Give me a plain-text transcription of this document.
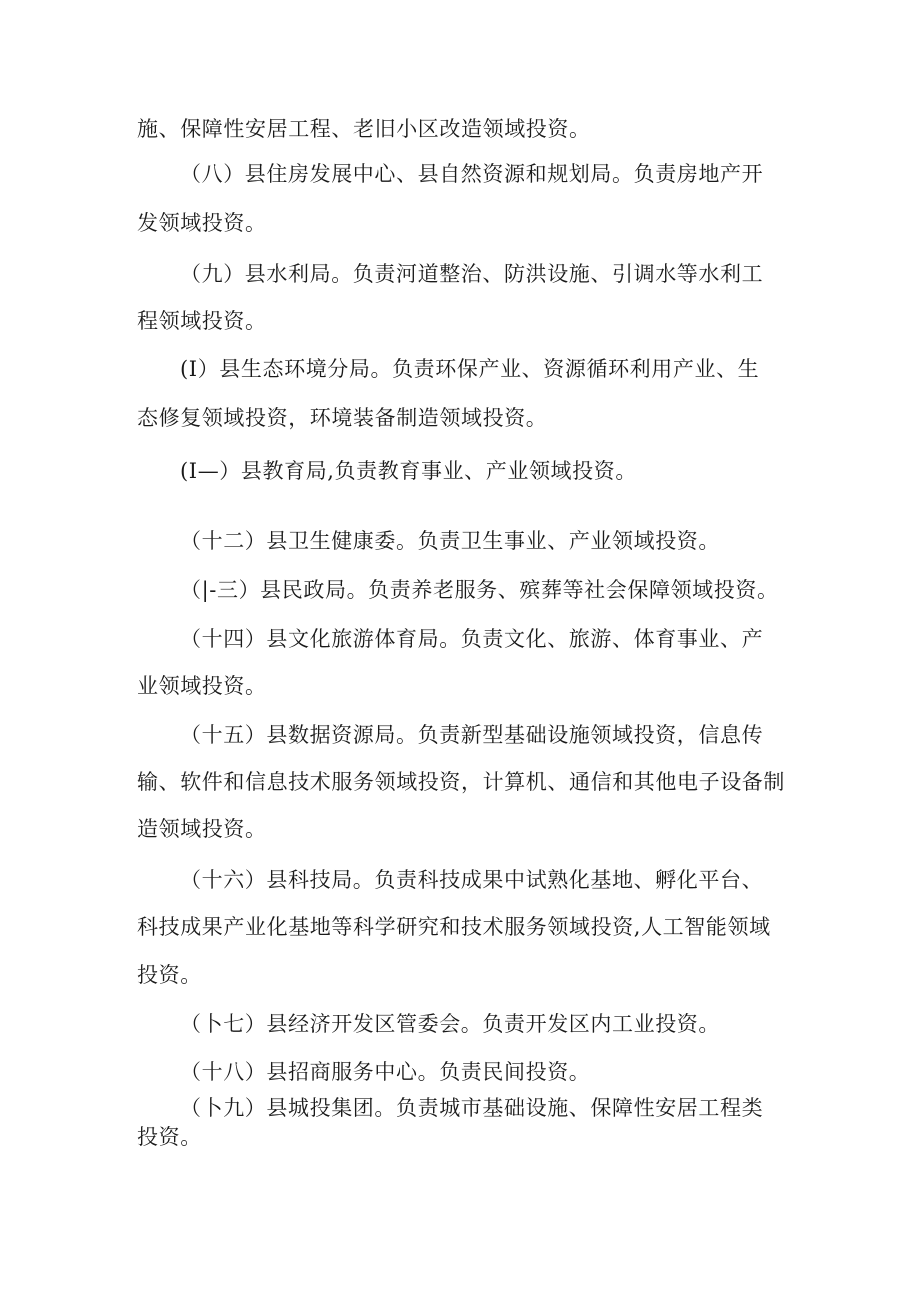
施、保障性安居工程、老旧小区改造领域投资。
（八）县住房发展中心、县自然资源和规划局。负责房地产开
发领域投资。
（九）县水利局。负责河道整治、防洪设施、引调水等水利工
程领域投资。
(I）县生态环境分局。负责环保产业、资源循环利用产业、生
态修复领域投资，环境装备制造领域投资。
(I—）县教育局,负责教育事业、产业领域投资。
（十二）县卫生健康委。负责卫生事业、产业领域投资。
（|-三）县民政局。负责养老服务、殡葬等社会保障领域投资。
（十四）县文化旅游体育局。负责文化、旅游、体育事业、产
业领域投资。
（十五）县数据资源局。负责新型基础设施领域投资，信息传
输、软件和信息技术服务领域投资，计算机、通信和其他电子设备制
造领域投资。
（十六）县科技局。负责科技成果中试熟化基地、孵化平台、
科技成果产业化基地等科学研究和技术服务领域投资,人工智能领域
投资。
（卜七）县经济开发区管委会。负责开发区内工业投资。
（十八）县招商服务中心。负责民间投资。
（卜九）县城投集团。负责城市基础设施、保障性安居工程类
投资。
